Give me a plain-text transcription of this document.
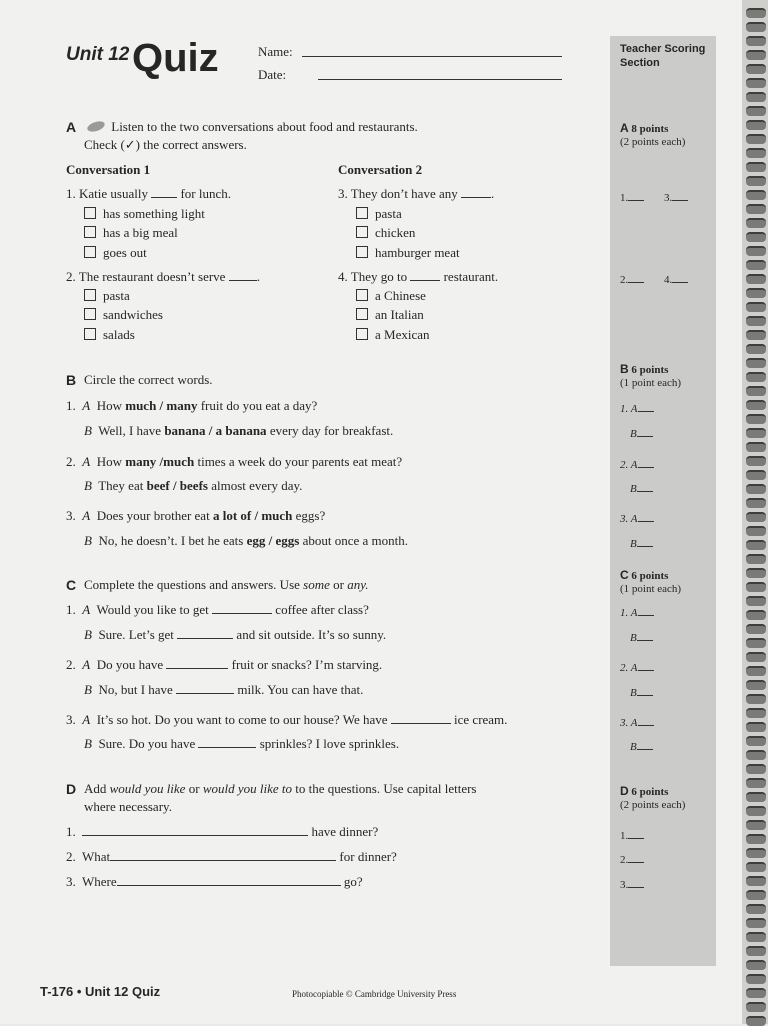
Unit 12 Quiz	Name:
Date:
Teacher Scoring
Section
A	Listen to the two conversations about food and restaurants.
Check (✓) the correct answers.
Conversation 1	Conversation 2
1. Katie usually	for lunch.
has something light
has a big meal
goes out
2. The restaurant doesn’t serve .
pasta
sandwiches
salads
3. They don’t have any	.
pasta
chicken
hamburger meat
4. They go to	restaurant.
a Chinese
an Italian
a Mexican
A 8 points
(2 points each)
1.	3.
2.	4.
B Circle the correct words.
1. A How much / many fruit do you eat a day?
B Well, I have banana / a banana every day for breakfast.
2. A How many /much times a week do your parents eat meat?
B They eat beef / beefs almost every day.
3. A Does your brother eat a lot of / much eggs?
B No, he doesn’t. I bet he eats egg / eggs about once a month.
B 6 points
(1 point each)
1. A
B
2. A
B
3. A
B
C Complete the questions and answers. Use some or any.
1. A Would you like to get	coffee after class?
B Sure. Let’s get	and sit outside. It’s so sunny.
2. A Do you have	fruit or snacks? I’m starving.
B No, but I have	milk. You can have that.
3. A It’s so hot. Do you want to come to our house? We have	ice cream.
B Sure. Do you have	sprinkles? I love sprinkles.
C 6 points
(1 point each)
1. A
B
2. A
B
3. A
B
D Add would you like or would you like to to the questions. Use capital letters
where necessary.
1.	have dinner?
2. What	for dinner?
3. Where	go?
D 6 points
(2 points each)
1.
2.
3.
T-176 • Unit 12 Quiz	Photocopiable © Cambridge University Press
